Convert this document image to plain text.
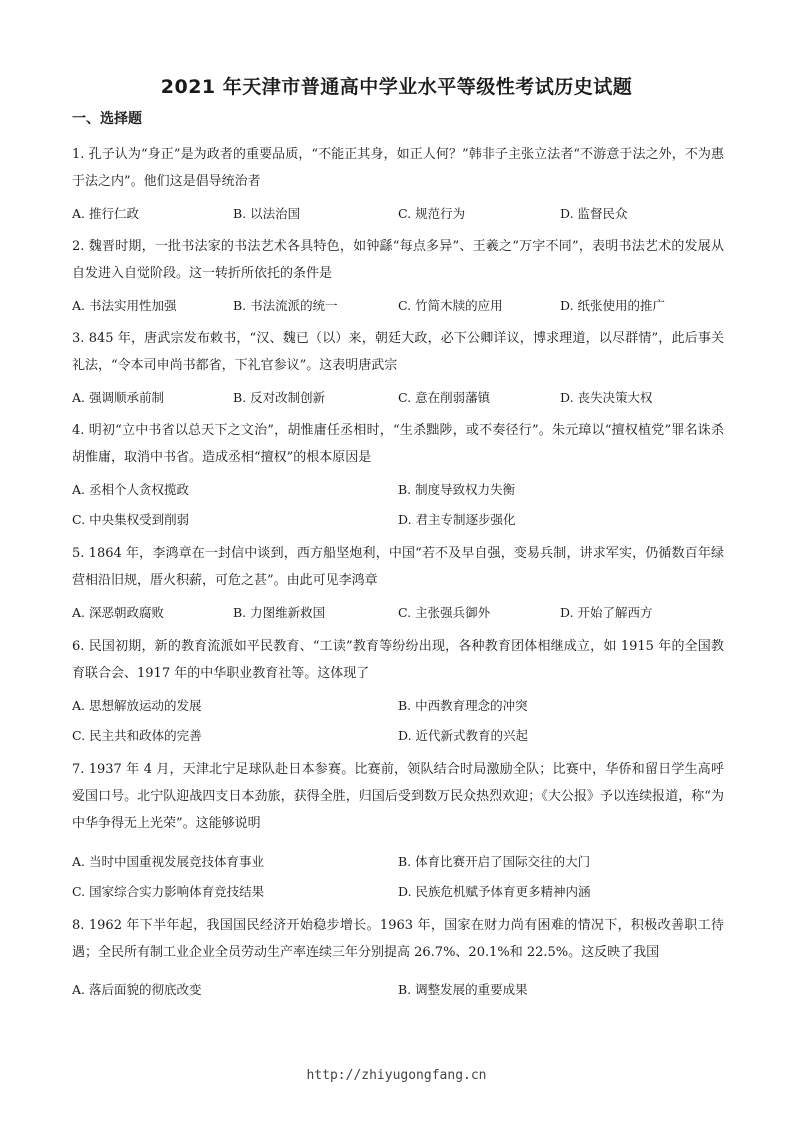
2021 年天津市普通高中学业水平等级性考试历史试题
一、选择题
1. 孔子认为“身正”是为政者的重要品质，“不能正其身，如正人何？”韩非子主张立法者“不游意于法之外，不为惠于法之内”。他们这是倡导统治者
A. 推行仁政	B. 以法治国	C. 规范行为	D. 监督民众
2. 魏晋时期，一批书法家的书法艺术各具特色，如钟繇“每点多异”、王羲之“万字不同”，表明书法艺术的发展从自发进入自觉阶段。这一转折所依托的条件是
A. 书法实用性加强	B. 书法流派的统一	C. 竹简木牍的应用	D. 纸张使用的推广
3. 845 年，唐武宗发布敕书，“汉、魏已（以）来，朝廷大政，必下公卿详议，博求理道，以尽群情”，此后事关礼法，“令本司申尚书都省，下礼官参议”。这表明唐武宗
A. 强调顺承前制	B. 反对改制创新	C. 意在削弱藩镇	D. 丧失决策大权
4. 明初“立中书省以总天下之文治”，胡惟庸任丞相时，“生杀黜陟，或不奏径行”。朱元璋以“擅权植党”罪名诛杀胡惟庸，取消中书省。造成丞相“擅权”的根本原因是
A. 丞相个人贪权揽政	B. 制度导致权力失衡
C. 中央集权受到削弱	D. 君主专制逐步强化
5. 1864 年，李鸿章在一封信中谈到，西方船坚炮利，中国“若不及早自强，变易兵制，讲求军实，仍循数百年绿营相沿旧规，厝火积薪，可危之甚”。由此可见李鸿章
A. 深恶朝政腐败	B. 力图维新救国	C. 主张强兵御外	D. 开始了解西方
6. 民国初期，新的教育流派如平民教育、“工读”教育等纷纷出现，各种教育团体相继成立，如 1915 年的全国教育联合会、1917 年的中华职业教育社等。这体现了
A. 思想解放运动的发展	B. 中西教育理念的冲突
C. 民主共和政体的完善	D. 近代新式教育的兴起
7. 1937 年 4 月，天津北宁足球队赴日本参赛。比赛前，领队结合时局激励全队；比赛中，华侨和留日学生高呼爱国口号。北宁队迎战四支日本劲旅，获得全胜，归国后受到数万民众热烈欢迎；《大公报》予以连续报道，称“为中华争得无上光荣”。这能够说明
A. 当时中国重视发展竞技体育事业	B. 体育比赛开启了国际交往的大门
C. 国家综合实力影响体育竞技结果	D. 民族危机赋予体育更多精神内涵
8. 1962 年下半年起，我国国民经济开始稳步增长。1963 年，国家在财力尚有困难的情况下，积极改善职工待遇；全民所有制工业企业全员劳动生产率连续三年分别提高 26.7%、20.1%和 22.5%。这反映了我国
A. 落后面貌的彻底改变	B. 调整发展的重要成果
http://zhiyugongfang.cn
